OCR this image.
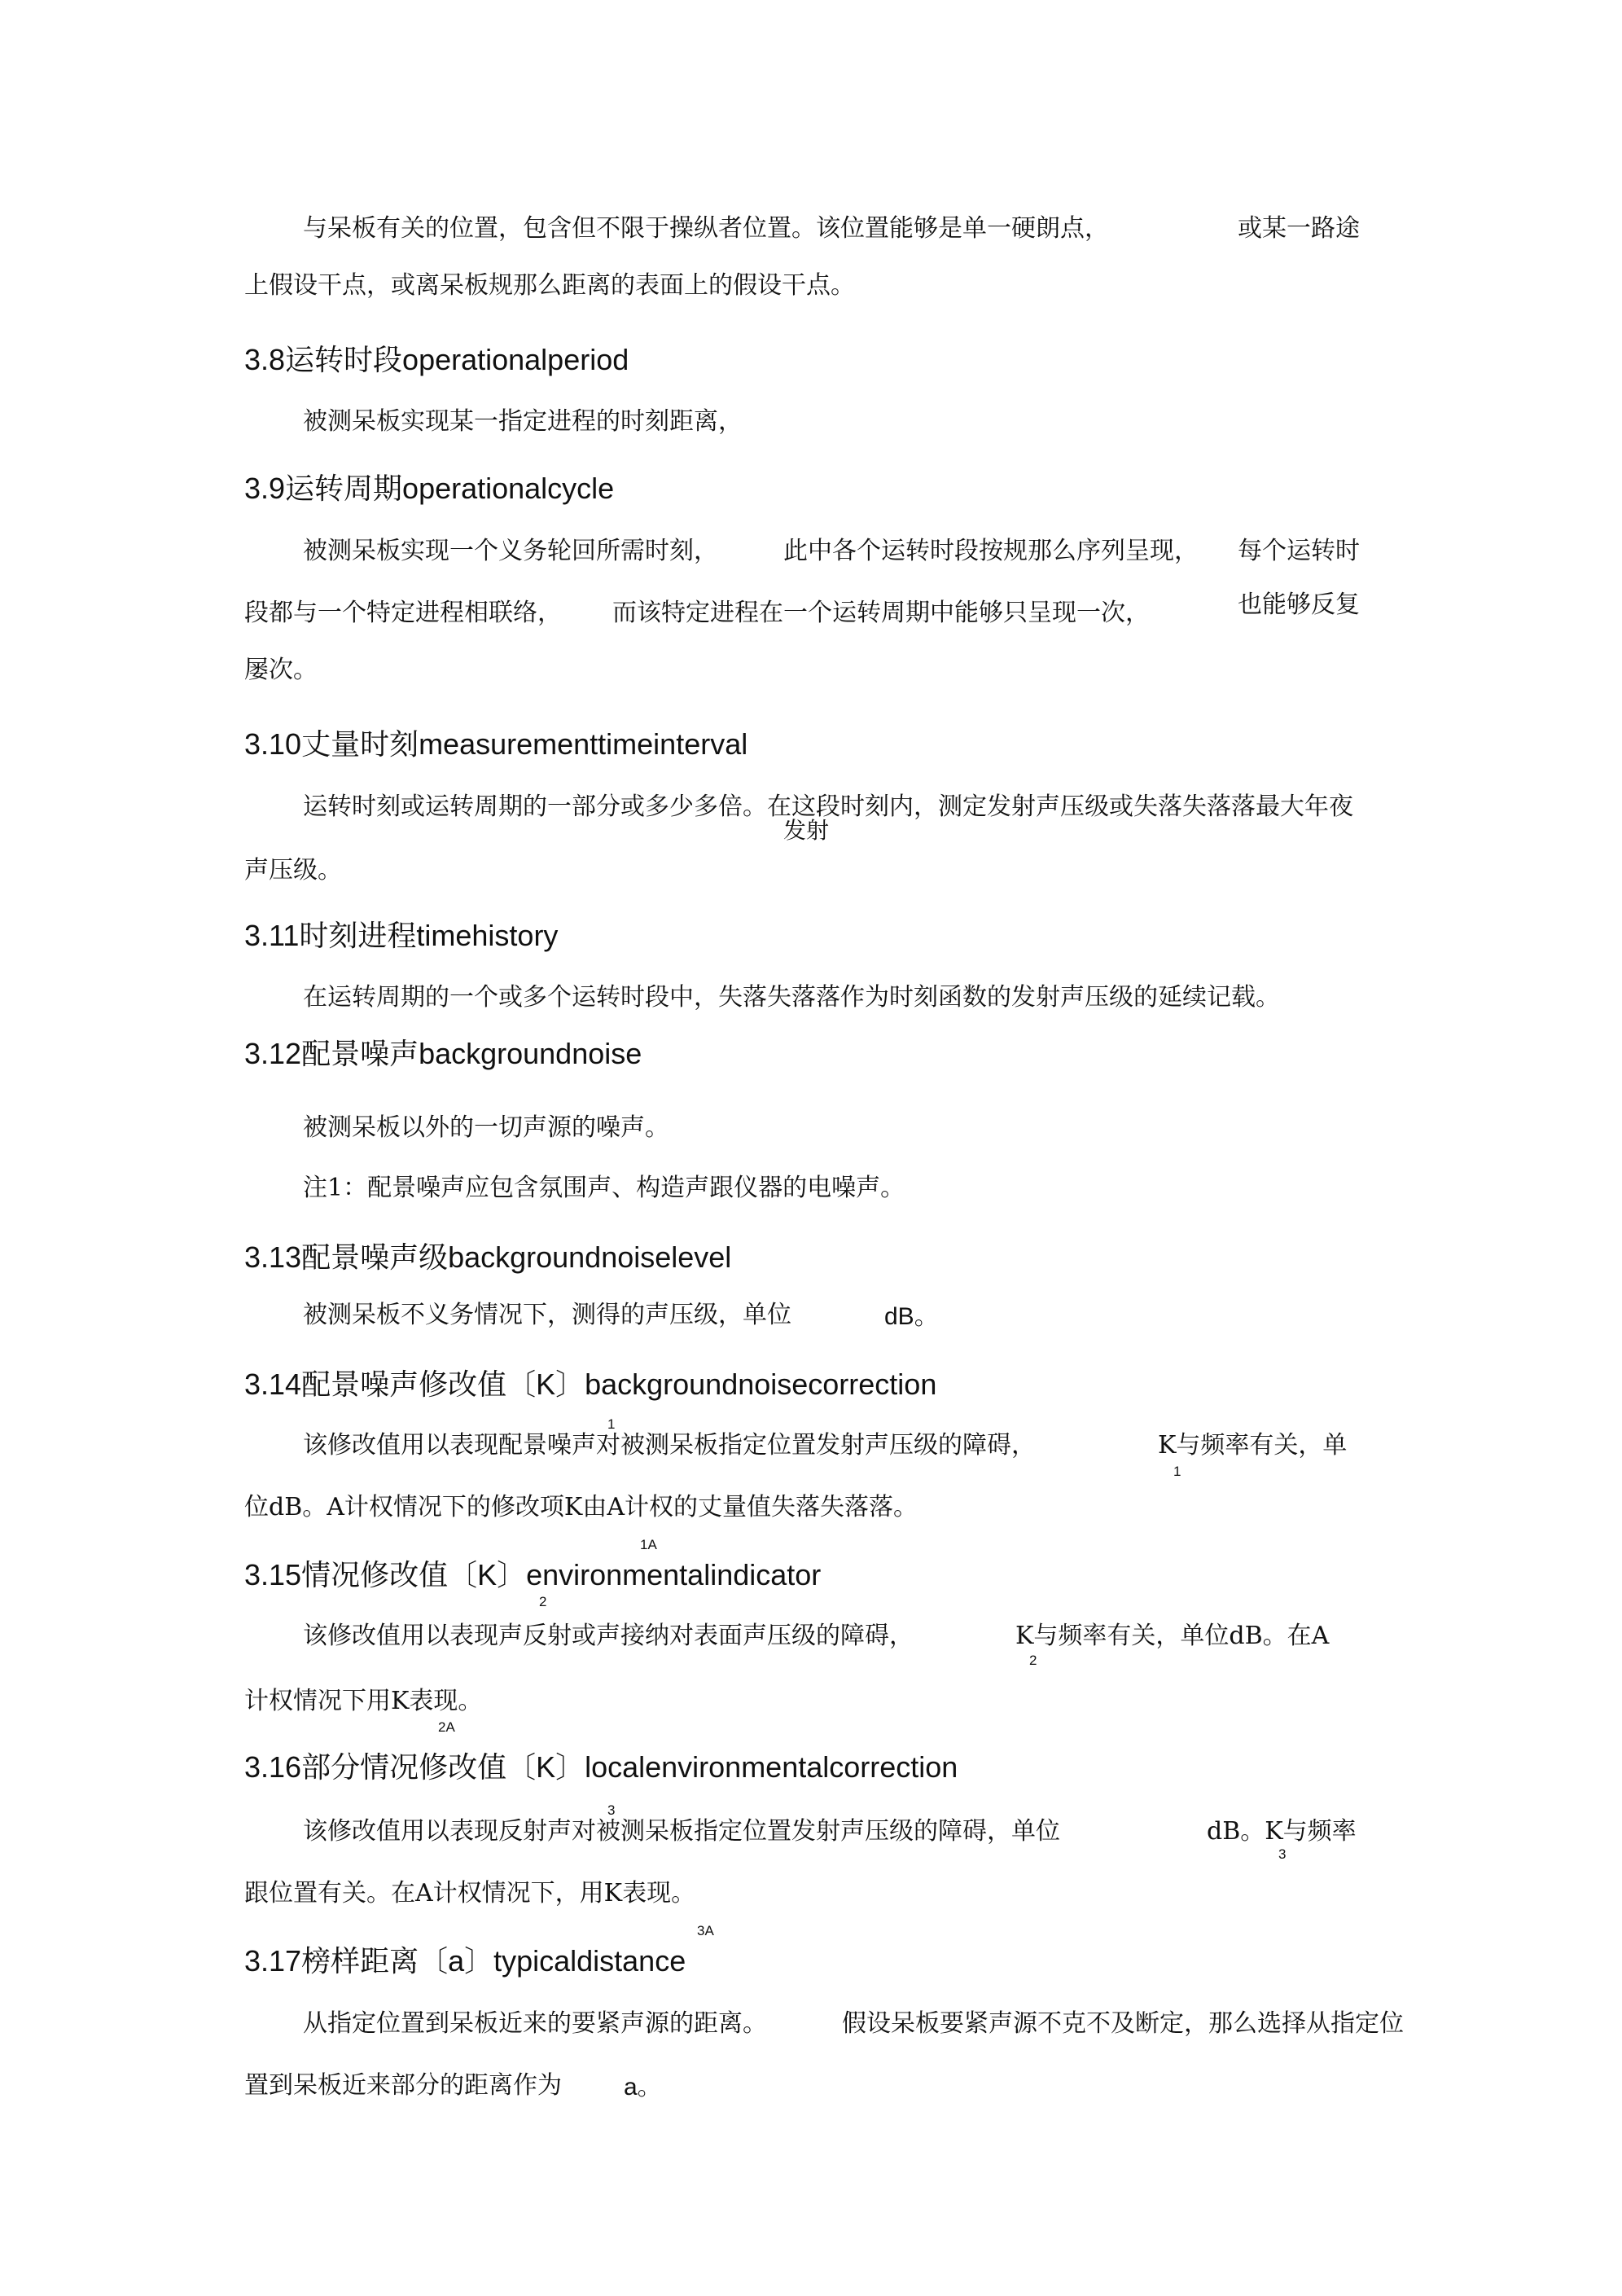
与呆板有关的位置，包含但不限于操纵者位置。该位置能够是单一硬朗点，	或某一路途
上假设干点，或离呆板规那么距离的表面上的假设干点。
3.8运转时段operationalperiod
被测呆板实现某一指定进程的时刻距离，
3.9运转周期operationalcycle
被测呆板实现一个义务轮回所需时刻，	此中各个运转时段按规那么序列呈现， 每个运转时
段都与一个特定进程相联络， 而该特定进程在一个运转周期中能够只呈现一次，	也能够反复
屡次。
3.10丈量时刻measurementtimeinterval
运转时刻或运转周期的一部分或多少多倍。在这段时刻内，测定发射声压级或失落失落落最大年夜
发射
声压级。
3.11时刻进程timehistory
在运转周期的一个或多个运转时段中，失落失落落作为时刻函数的发射声压级的延续记载。
3.12配景噪声backgroundnoise
被测呆板以外的一切声源的噪声。
注1：配景噪声应包含氛围声、构造声跟仪器的电噪声。
3.13配景噪声级backgroundnoiselevel
被测呆板不义务情况下，测得的声压级，单位	dB。
3.14配景噪声修改值〔K〕backgroundnoisecorrection
1
该修改值用以表现配景噪声对被测呆板指定位置发射声压级的障碍，	K与频率有关，单
1
位dB。A计权情况下的修改项K由A计权的丈量值失落失落落。
1A
3.15情况修改值〔K〕environmentalindicator
2
该修改值用以表现声反射或声接纳对表面声压级的障碍，	K与频率有关，单位dB。在A
2
计权情况下用K表现。
2A
3.16部分情况修改值〔K〕localenvironmentalcorrection
3
该修改值用以表现反射声对被测呆板指定位置发射声压级的障碍，单位	dB。K与频率
3
跟位置有关。在A计权情况下，用K表现。
3A
3.17榜样距离〔a〕typicaldistance
从指定位置到呆板近来的要紧声源的距离。	假设呆板要紧声源不克不及断定，那么选择从指定位
置到呆板近来部分的距离作为	a。
